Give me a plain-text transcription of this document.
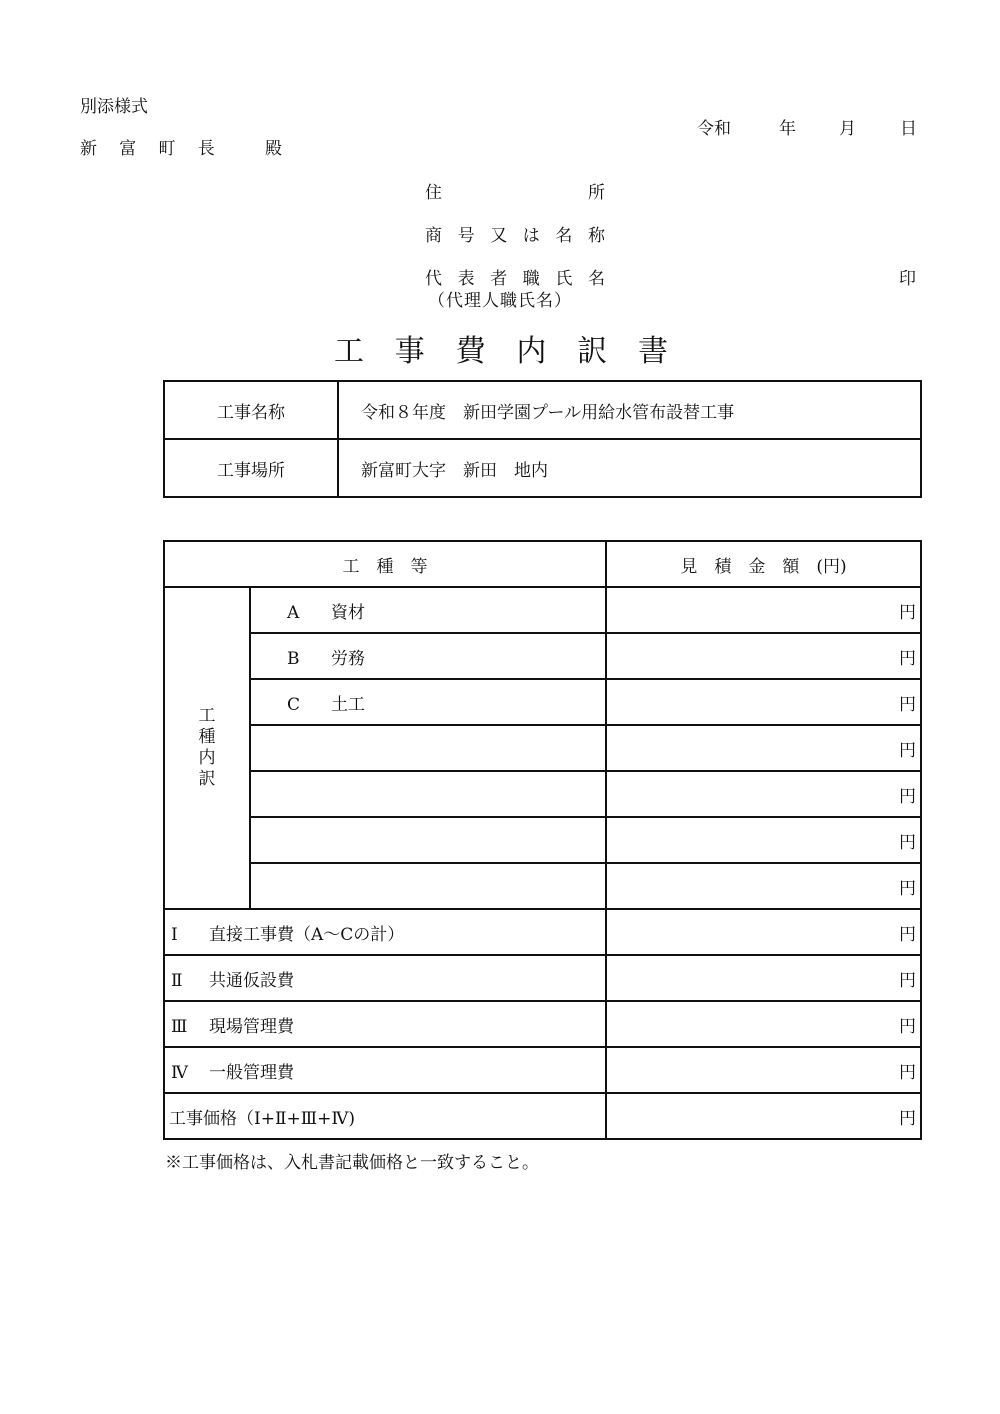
別添様式
新 富 町 長	殿
令和	年	月	日
住	所
商 号 又 は 名 称
代 表 者 職 氏 名
（代理人職氏名）
印
工 事 費 内 訳 書
工事名称	令和８年度　新田学園プール用給水管布設替工事
工事場所	新富町大字　新田　地内
工　種　等		見　積　金　額　(円)

工
種
内
訳	A 資材	円
	B 労務	円
	C 土工	円
		円
		円
		円
		円
Ⅰ 直接工事費（A～Cの計）		円
Ⅱ 共通仮設費		円
Ⅲ 現場管理費		円
Ⅳ 一般管理費		円
工事価格（Ⅰ+Ⅱ+Ⅲ+Ⅳ)		円
※工事価格は、入札書記載価格と一致すること。
